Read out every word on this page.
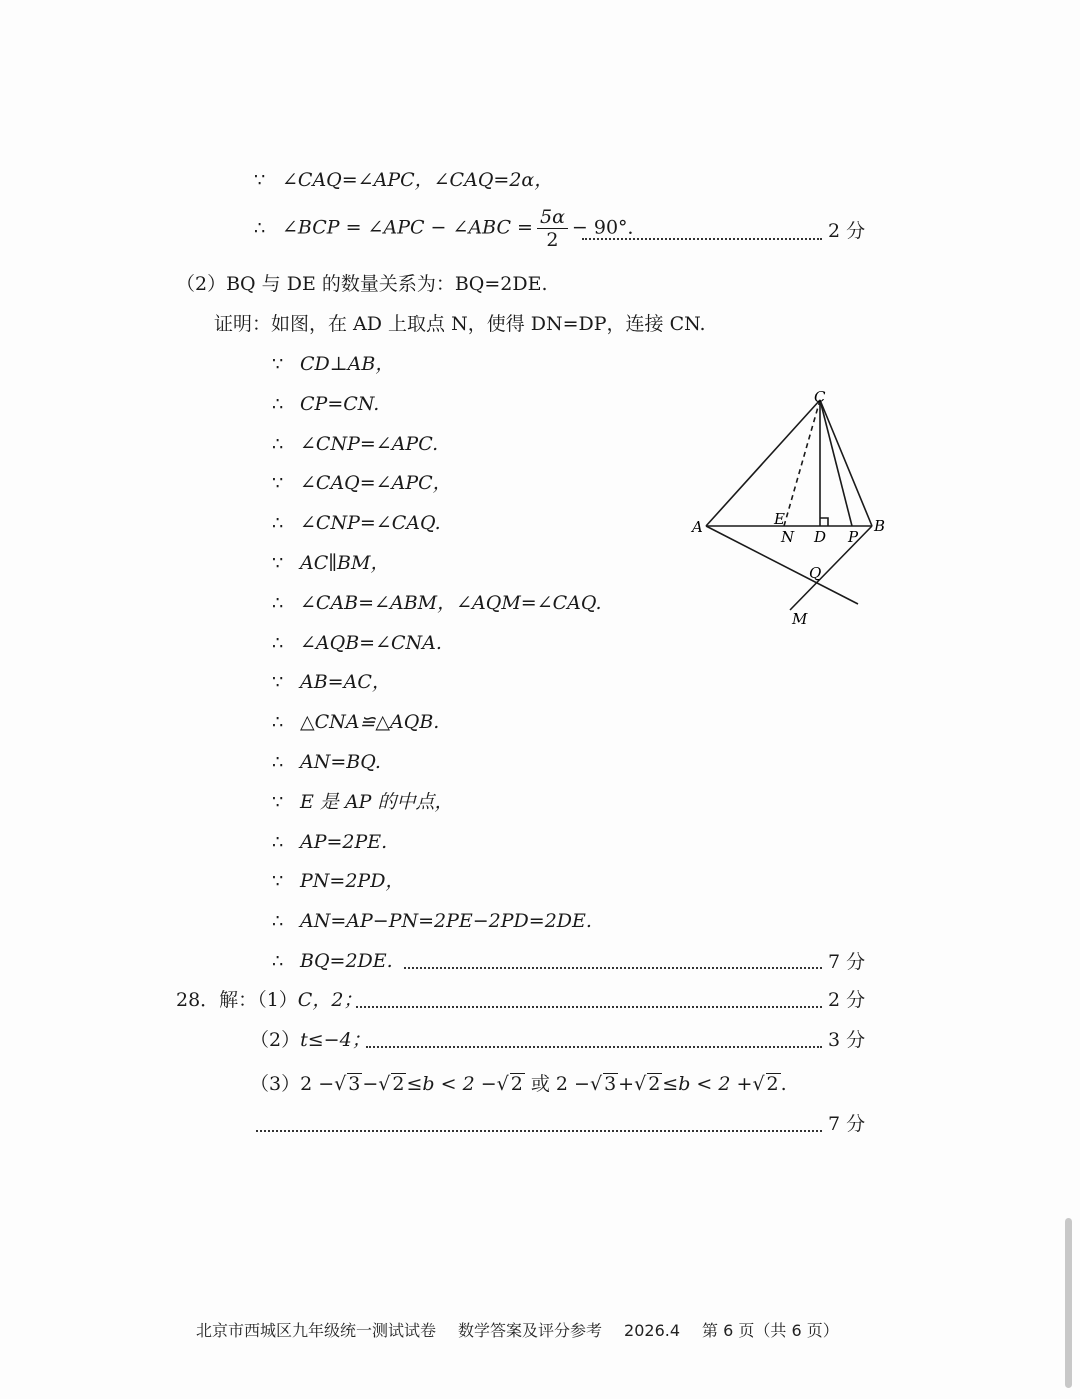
∵ ∠CAQ=∠APC，∠CAQ=2α，
∴ ∠BCP = ∠APC − ∠ABC = $\frac{5\alpha}{2} - 90^\circ$．	2 分
（2）BQ 与 DE 的数量关系为：BQ=2DE.
证明：如图，在 AD 上取点 N，使得 DN=DP，连接 CN.
∵ CD⊥AB，
∴ CP=CN.
∴ ∠CNP=∠APC.
∵ ∠CAQ=∠APC，
∴ ∠CNP=∠CAQ.
∵ AC∥BM，
∴ ∠CAB=∠ABM，∠AQM=∠CAQ.
∴ ∠AQB=∠CNA.
∵ AB=AC，
∴ △CNA≌△AQB.
∴ AN=BQ.
∵ E 是 AP 的中点，
∴ AP=2PE.
∵ PN=2PD，
∴ AN=AP−PN=2PE−2PD=2DE.
∴ BQ=2DE.	7 分
28．解：（1）C，2；	2 分
（2）t≤−4；	3 分
（3）2 −√ 3 −√ 2 ≤b < 2 −√ 2 或 2 −√ 3 +√ 2 ≤b < 2 +√ 2 .
7 分
C
A	E
N D P
B
Q
M
北京市西城区九年级统一测试试卷 数学答案及评分参考 2026.4 第 6 页（共 6 页）
